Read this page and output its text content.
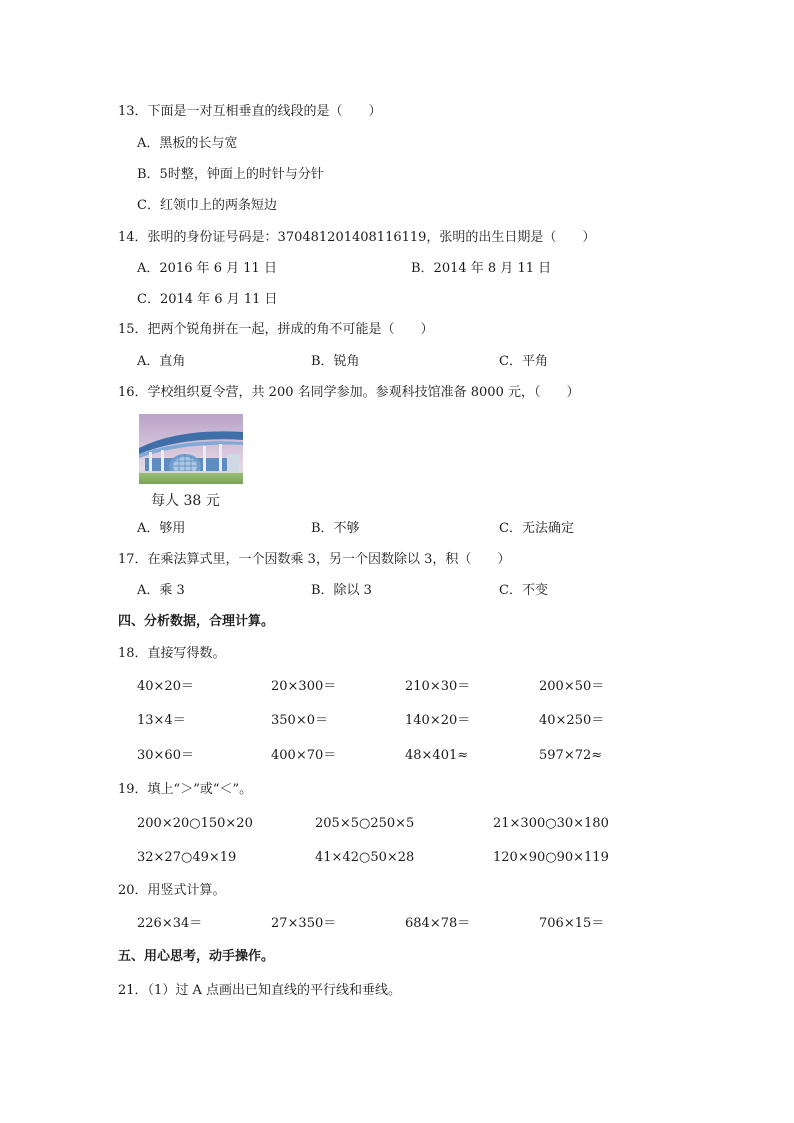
13．下面是一对互相垂直的线段的是（　　）
A．黑板的长与宽
B．5时整，钟面上的时针与分针
C．红领巾上的两条短边
14．张明的身份证号码是：370481201408116119，张明的出生日期是（　　）
A．2016 年 6 月 11 日	B．2014 年 8 月 11 日
C．2014 年 6 月 11 日
15．把两个锐角拼在一起，拼成的角不可能是（　　）
A．直角	B．锐角	C．平角
16．学校组织夏令营，共 200 名同学参加。参观科技馆准备 8000 元，（　　）
每人 38 元
A．够用	B．不够	C．无法确定
17．在乘法算式里，一个因数乘 3，另一个因数除以 3，积（　　）
A．乘 3	B．除以 3	C．不变
四、分析数据，合理计算。
18．直接写得数。
40×20＝	20×300＝	210×30＝	200×50＝
13×4＝	350×0＝	140×20＝	40×250＝
30×60＝	400×70＝	48×401≈	597×72≈
19．填上“＞”或“＜”。
200×20○150×20	205×5○250×5	21×300○30×180
32×27○49×19	41×42○50×28	120×90○90×119
20．用竖式计算。
226×34＝	27×350＝	684×78＝	706×15＝
五、用心思考，动手操作。
21．（1）过 A 点画出已知直线的平行线和垂线。
